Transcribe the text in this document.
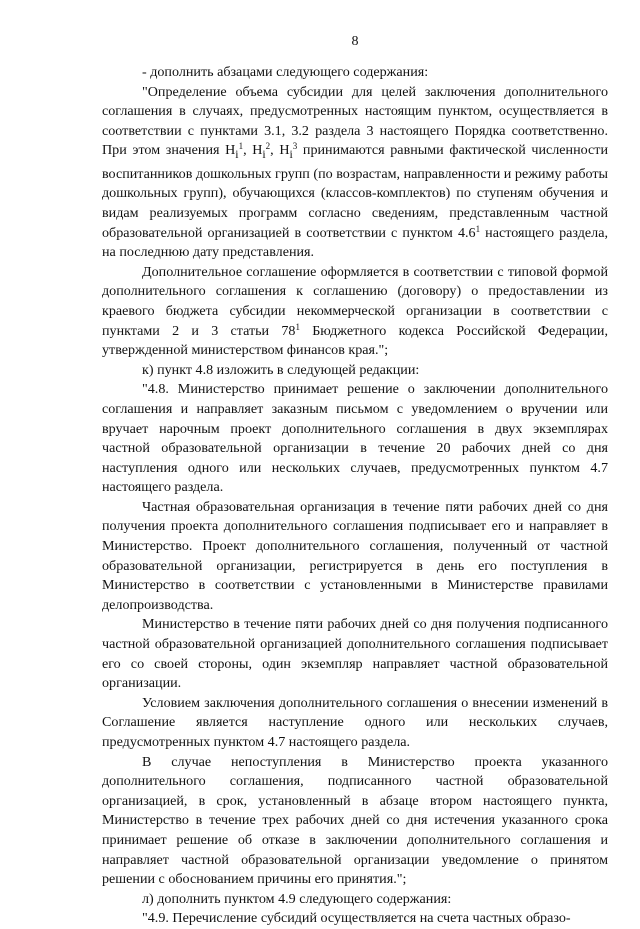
8

- дополнить абзацами следующего содержания:

"Определение объема субсидии для целей заключения дополнительного соглашения в случаях, предусмотренных настоящим пунктом, осуществляется в соответствии с пунктами 3.1, 3.2 раздела 3 настоящего Порядка соответственно. При этом значения $Н_i^1$, $Н_i^2$, $Н_i^3$ принимаются равными фактической численности воспитанников дошкольных групп (по возрастам, направленности и режиму работы дошкольных групп), обучающихся (классов-комплектов) по ступеням обучения и видам реализуемых программ согласно сведениям, представленным частной образовательной организацией в соответствии с пунктом $4.6^1$ настоящего раздела, на последнюю дату представления.

Дополнительное соглашение оформляется в соответствии с типовой формой дополнительного соглашения к соглашению (договору) о предоставлении из краевого бюджета субсидии некоммерческой организации в соответствии с пунктами 2 и 3 статьи $78^1$ Бюджетного кодекса Российской Федерации, утвержденной министерством финансов края.";

к) пункт 4.8 изложить в следующей редакции:

"4.8. Министерство принимает решение о заключении дополнительного соглашения и направляет заказным письмом с уведомлением о вручении или вручает нарочным проект дополнительного соглашения в двух экземплярах частной образовательной организации в течение 20 рабочих дней со дня наступления одного или нескольких случаев, предусмотренных пунктом 4.7 настоящего раздела.

Частная образовательная организация в течение пяти рабочих дней со дня получения проекта дополнительного соглашения подписывает его и направляет в Министерство. Проект дополнительного соглашения, полученный от частной образовательной организации, регистрируется в день его поступления в Министерство в соответствии с установленными в Министерстве правилами делопроизводства.

Министерство в течение пяти рабочих дней со дня получения подписанного частной образовательной организацией дополнительного соглашения подписывает его со своей стороны, один экземпляр направляет частной образовательной организации.

Условием заключения дополнительного соглашения о внесении изменений в Соглашение является наступление одного или нескольких случаев, предусмотренных пунктом 4.7 настоящего раздела.

В случае непоступления в Министерство проекта указанного дополнительного соглашения, подписанного частной образовательной организацией, в срок, установленный в абзаце втором настоящего пункта, Министерство в течение трех рабочих дней со дня истечения указанного срока принимает решение об отказе в заключении дополнительного соглашения и направляет частной образовательной организации уведомление о принятом решении с обоснованием причины его принятия.";

л) дополнить пунктом 4.9 следующего содержания:

"4.9. Перечисление субсидий осуществляется на счета частных образо-
